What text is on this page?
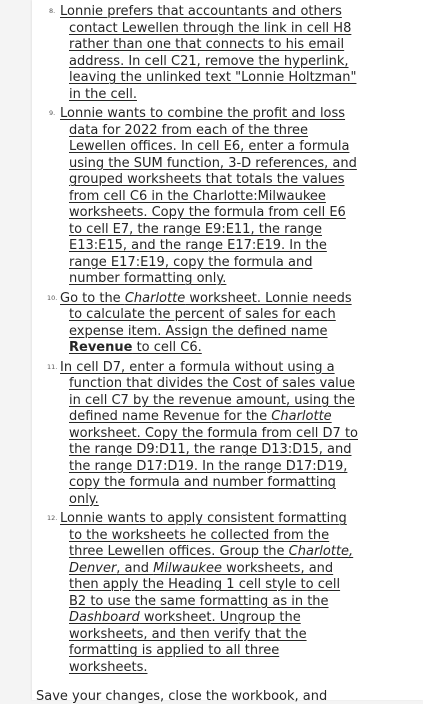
8. Lonnie prefers that accountants and others
contact Lewellen through the link in cell H8
rather than one that connects to his email
address. In cell C21, remove the hyperlink,
leaving the unlinked text "Lonnie Holtzman"
in the cell.
9. Lonnie wants to combine the profit and loss
data for 2022 from each of the three
Lewellen offices. In cell E6, enter a formula
using the SUM function, 3-D references, and
grouped worksheets that totals the values
from cell C6 in the Charlotte:Milwaukee
worksheets. Copy the formula from cell E6
to cell E7, the range E9:E11, the range
E13:E15, and the range E17:E19. In the
range E17:E19, copy the formula and
number formatting only.
10. Go to the Charlotte worksheet. Lonnie needs
to calculate the percent of sales for each
expense item. Assign the defined name
Revenue to cell C6.
11. In cell D7, enter a formula without using a
function that divides the Cost of sales value
in cell C7 by the revenue amount, using the
defined name Revenue for the Charlotte
worksheet. Copy the formula from cell D7 to
the range D9:D11, the range D13:D15, and
the range D17:D19. In the range D17:D19,
copy the formula and number formatting
only.
12. Lonnie wants to apply consistent formatting
to the worksheets he collected from the
three Lewellen offices. Group the Charlotte,
Denver, and Milwaukee worksheets, and
then apply the Heading 1 cell style to cell
B2 to use the same formatting as in the
Dashboard worksheet. Ungroup the
worksheets, and then verify that the
formatting is applied to all three
worksheets.
Save your changes, close the workbook, and
